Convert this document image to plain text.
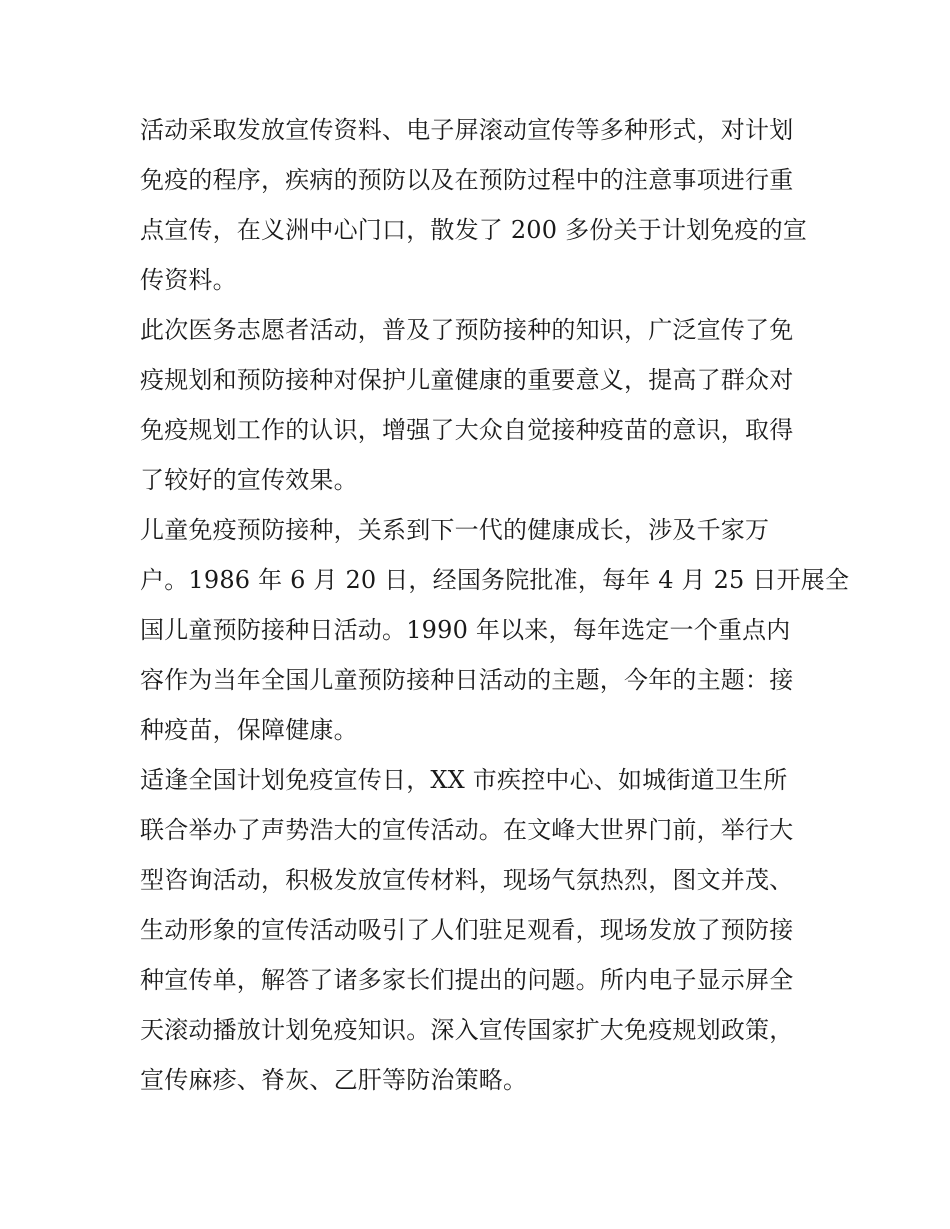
活动采取发放宣传资料、电子屏滚动宣传等多种形式，对计划
免疫的程序，疾病的预防以及在预防过程中的注意事项进行重
点宣传，在义洲中心门口，散发了 200 多份关于计划免疫的宣
传资料。
此次医务志愿者活动，普及了预防接种的知识，广泛宣传了免
疫规划和预防接种对保护儿童健康的重要意义，提高了群众对
免疫规划工作的认识，增强了大众自觉接种疫苗的意识，取得
了较好的宣传效果。
儿童免疫预防接种，关系到下一代的健康成长，涉及千家万
户。1986 年 6 月 20 日，经国务院批准，每年 4 月 25 日开展全
国儿童预防接种日活动。1990 年以来，每年选定一个重点内
容作为当年全国儿童预防接种日活动的主题，今年的主题：接
种疫苗，保障健康。
适逢全国计划免疫宣传日，XX 市疾控中心、如城街道卫生所
联合举办了声势浩大的宣传活动。在文峰大世界门前，举行大
型咨询活动，积极发放宣传材料，现场气氛热烈，图文并茂、
生动形象的宣传活动吸引了人们驻足观看，现场发放了预防接
种宣传单，解答了诸多家长们提出的问题。所内电子显示屏全
天滚动播放计划免疫知识。深入宣传国家扩大免疫规划政策，
宣传麻疹、脊灰、乙肝等防治策略。
